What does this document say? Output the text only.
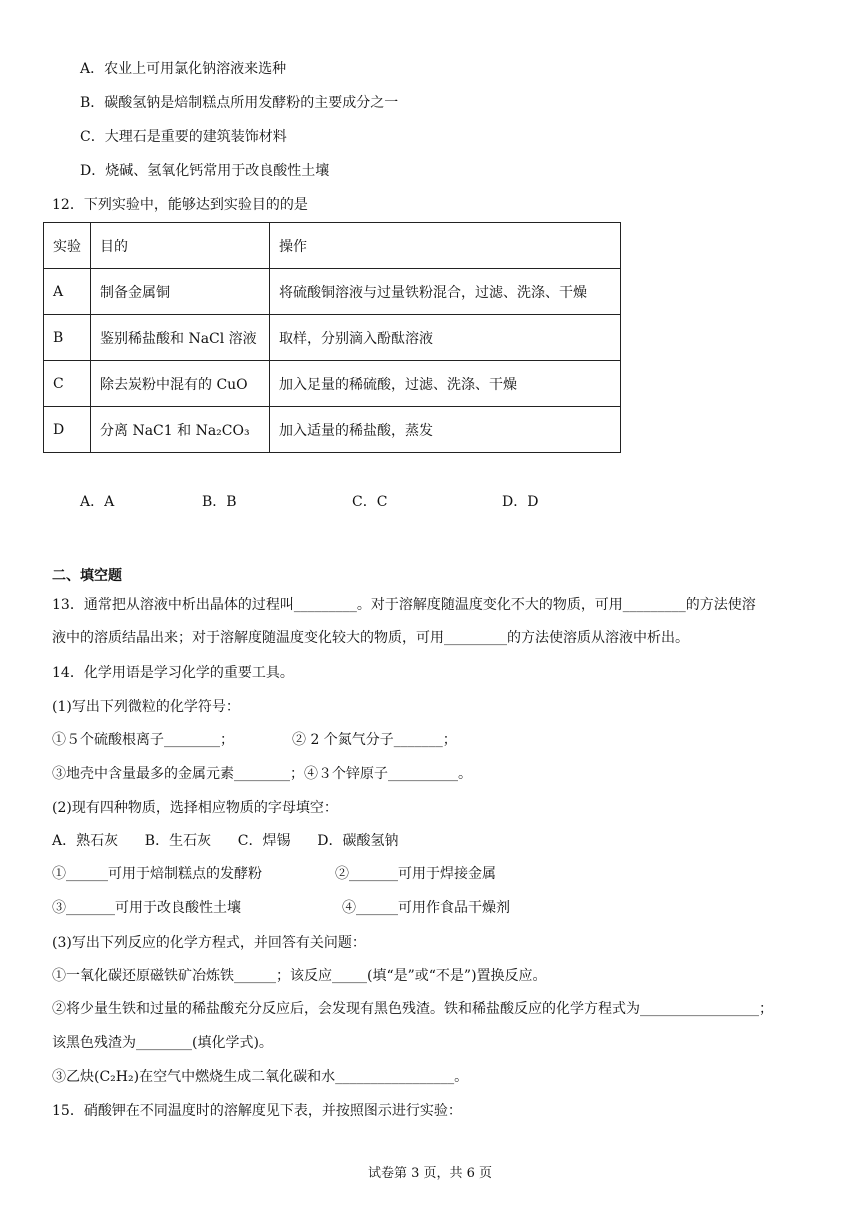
A．农业上可用氯化钠溶液来选种
B．碳酸氢钠是焙制糕点所用发酵粉的主要成分之一
C．大理石是重要的建筑装饰材料
D．烧碱、氢氧化钙常用于改良酸性土壤
12．下列实验中，能够达到实验目的的是
实验	目的	操作
A	制备金属铜	将硫酸铜溶液与过量铁粉混合，过滤、洗涤、干燥
B	鉴别稀盐酸和 NaCl 溶液	取样，分别滴入酚酞溶液
C	除去炭粉中混有的 CuO	加入足量的稀硫酸，过滤、洗涤、干燥
D	分离 NaC1 和 Na₂CO₃	加入适量的稀盐酸，蒸发
A．A	B．B	C．C	D．D
二、填空题
13．通常把从溶液中析出晶体的过程叫_________。对于溶解度随温度变化不大的物质，可用_________的方法使溶
液中的溶质结晶出来；对于溶解度随温度变化较大的物质，可用_________的方法使溶质从溶液中析出。
14．化学用语是学习化学的重要工具。
(1)写出下列微粒的化学符号：
①５个硫酸根离子________；	② 2 个氮气分子_______；
③地壳中含量最多的金属元素________；④３个锌原子__________。
(2)现有四种物质，选择相应物质的字母填空：
A．熟石灰      B．生石灰      C．焊锡      D．碳酸氢钠
①______可用于焙制糕点的发酵粉	②_______可用于焊接金属
③_______可用于改良酸性土壤	④______可用作食品干燥剂
(3)写出下列反应的化学方程式，并回答有关问题：
①一氧化碳还原磁铁矿冶炼铁______；该反应_____(填“是”或“不是”)置换反应。
②将少量生铁和过量的稀盐酸充分反应后，会发现有黑色残渣。铁和稀盐酸反应的化学方程式为_________________；
该黑色残渣为________(填化学式)。
③乙炔(C₂H₂)在空气中燃烧生成二氧化碳和水_________________。
15．硝酸钾在不同温度时的溶解度见下表，并按照图示进行实验：
试卷第 3 页，共 6 页
